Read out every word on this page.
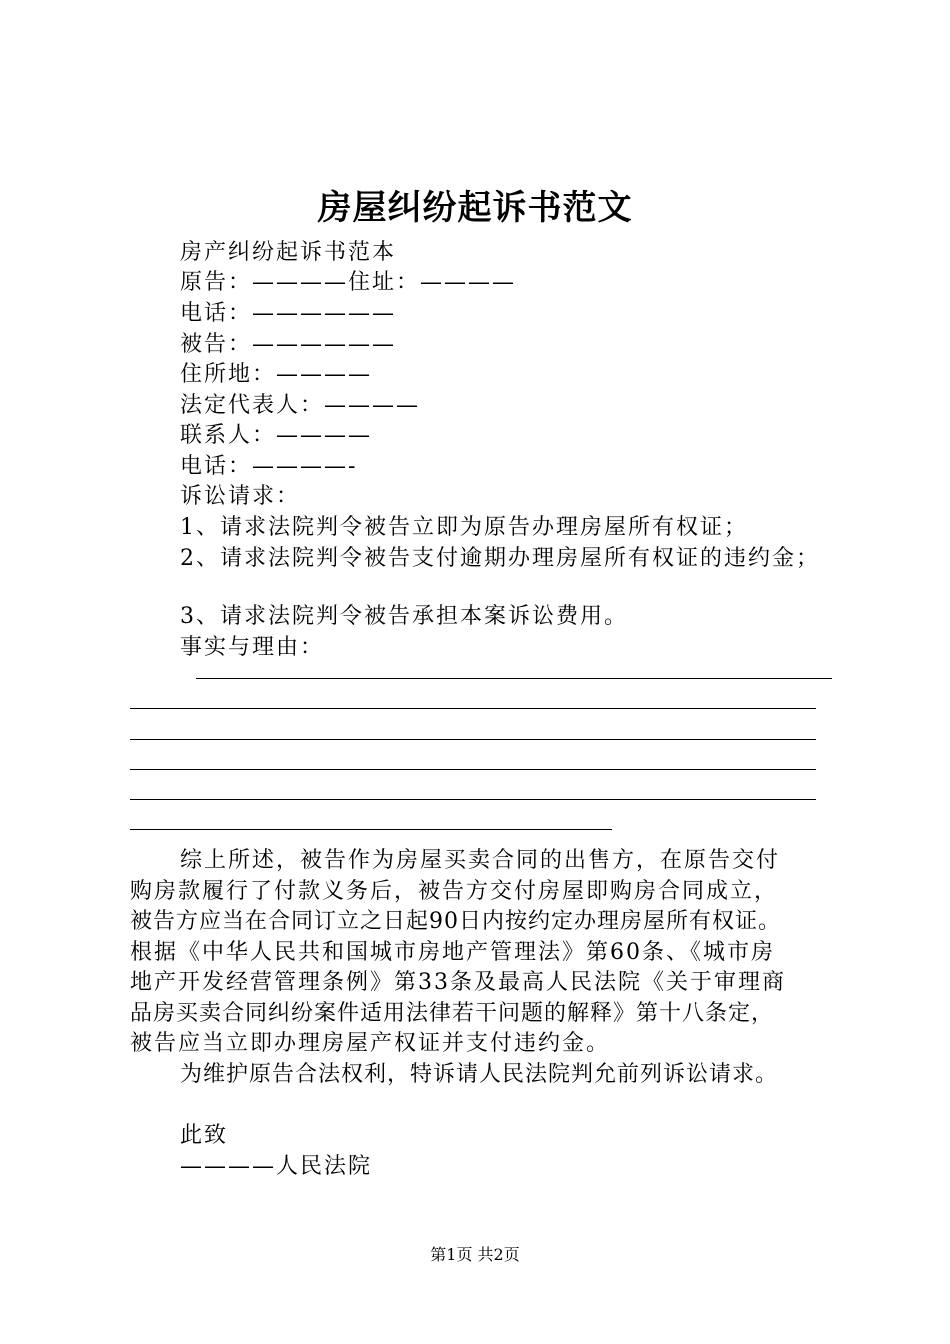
房屋纠纷起诉书范文
房产纠纷起诉书范本
原告：————住址：————
电话：——————
被告：——————
住所地：————
法定代表人：————
联系人：————
电话：————-
诉讼请求：
1、请求法院判令被告立即为原告办理房屋所有权证；
2、请求法院判令被告支付逾期办理房屋所有权证的违约金；
3、请求法院判令被告承担本案诉讼费用。
事实与理由：
综上所述，被告作为房屋买卖合同的出售方，在原告交付
购房款履行了付款义务后，被告方交付房屋即购房合同成立，
被告方应当在合同订立之日起90日内按约定办理房屋所有权证。
根据《中华人民共和国城市房地产管理法》第60条、《城市房
地产开发经营管理条例》第33条及最高人民法院《关于审理商
品房买卖合同纠纷案件适用法律若干问题的解释》第十八条定，
被告应当立即办理房屋产权证并支付违约金。
为维护原告合法权利，特诉请人民法院判允前列诉讼请求。
此致
————人民法院
第1页 共2页
